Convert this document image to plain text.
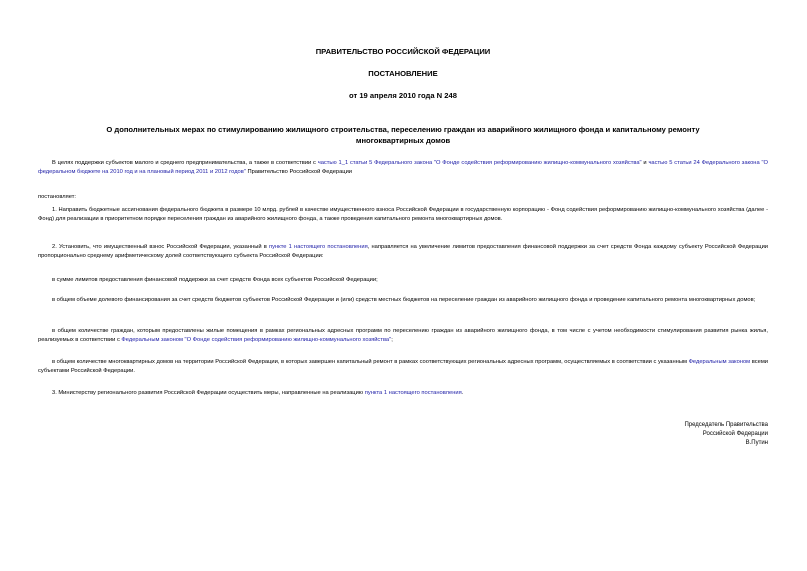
ПРАВИТЕЛЬСТВО РОССИЙСКОЙ ФЕДЕРАЦИИ
ПОСТАНОВЛЕНИЕ
от 19 апреля 2010 года N 248
О дополнительных мерах по стимулированию жилищного строительства, переселению граждан из аварийного жилищного фонда и капитальному ремонту многоквартирных домов
В целях поддержки субъектов малого и среднего предпринимательства, а также в соответствии с частью 1_1 статьи 5 Федерального закона "О Фонде содействия реформированию жилищно-коммунального хозяйства" и частью 5 статьи 24 Федерального закона "О федеральном бюджете на 2010 год и на плановый период 2011 и 2012 годов" Правительство Российской Федерации
постановляет:
1. Направить бюджетные ассигнования федерального бюджета в размере 10 млрд. рублей в качестве имущественного взноса Российской Федерации в государственную корпорацию - Фонд содействия реформированию жилищно-коммунального хозяйства (далее - Фонд) для реализации в приоритетном порядке переселения граждан из аварийного жилищного фонда, а также проведения капитального ремонта многоквартирных домов.
2. Установить, что имущественный взнос Российской Федерации, указанный в пункте 1 настоящего постановления, направляется на увеличение лимитов предоставления финансовой поддержки за счет средств Фонда каждому субъекту Российской Федерации пропорционально среднему арифметическому долей соответствующего субъекта Российской Федерации:
в сумме лимитов предоставления финансовой поддержки за счет средств Фонда всех субъектов Российской Федерации;
в общем объеме долевого финансирования за счет средств бюджетов субъектов Российской Федерации и (или) средств местных бюджетов на переселение граждан из аварийного жилищного фонда и проведение капитального ремонта многоквартирных домов;
в общем количестве граждан, которым предоставлены жилые помещения в рамках региональных адресных программ по переселению граждан из аварийного жилищного фонда, в том числе с учетом необходимости стимулирования развития рынка жилья, реализуемых в соответствии с Федеральным законом "О Фонде содействия реформированию жилищно-коммунального хозяйства";
в общем количестве многоквартирных домов на территории Российской Федерации, в которых завершен капитальный ремонт в рамках соответствующих региональных адресных программ, осуществляемых в соответствии с указанным Федеральным законом всеми субъектами Российской Федерации.
3. Министерству регионального развития Российской Федерации осуществить меры, направленные на реализацию пункта 1 настоящего постановления.
Председатель Правительства
Российской Федерации
В.Путин
